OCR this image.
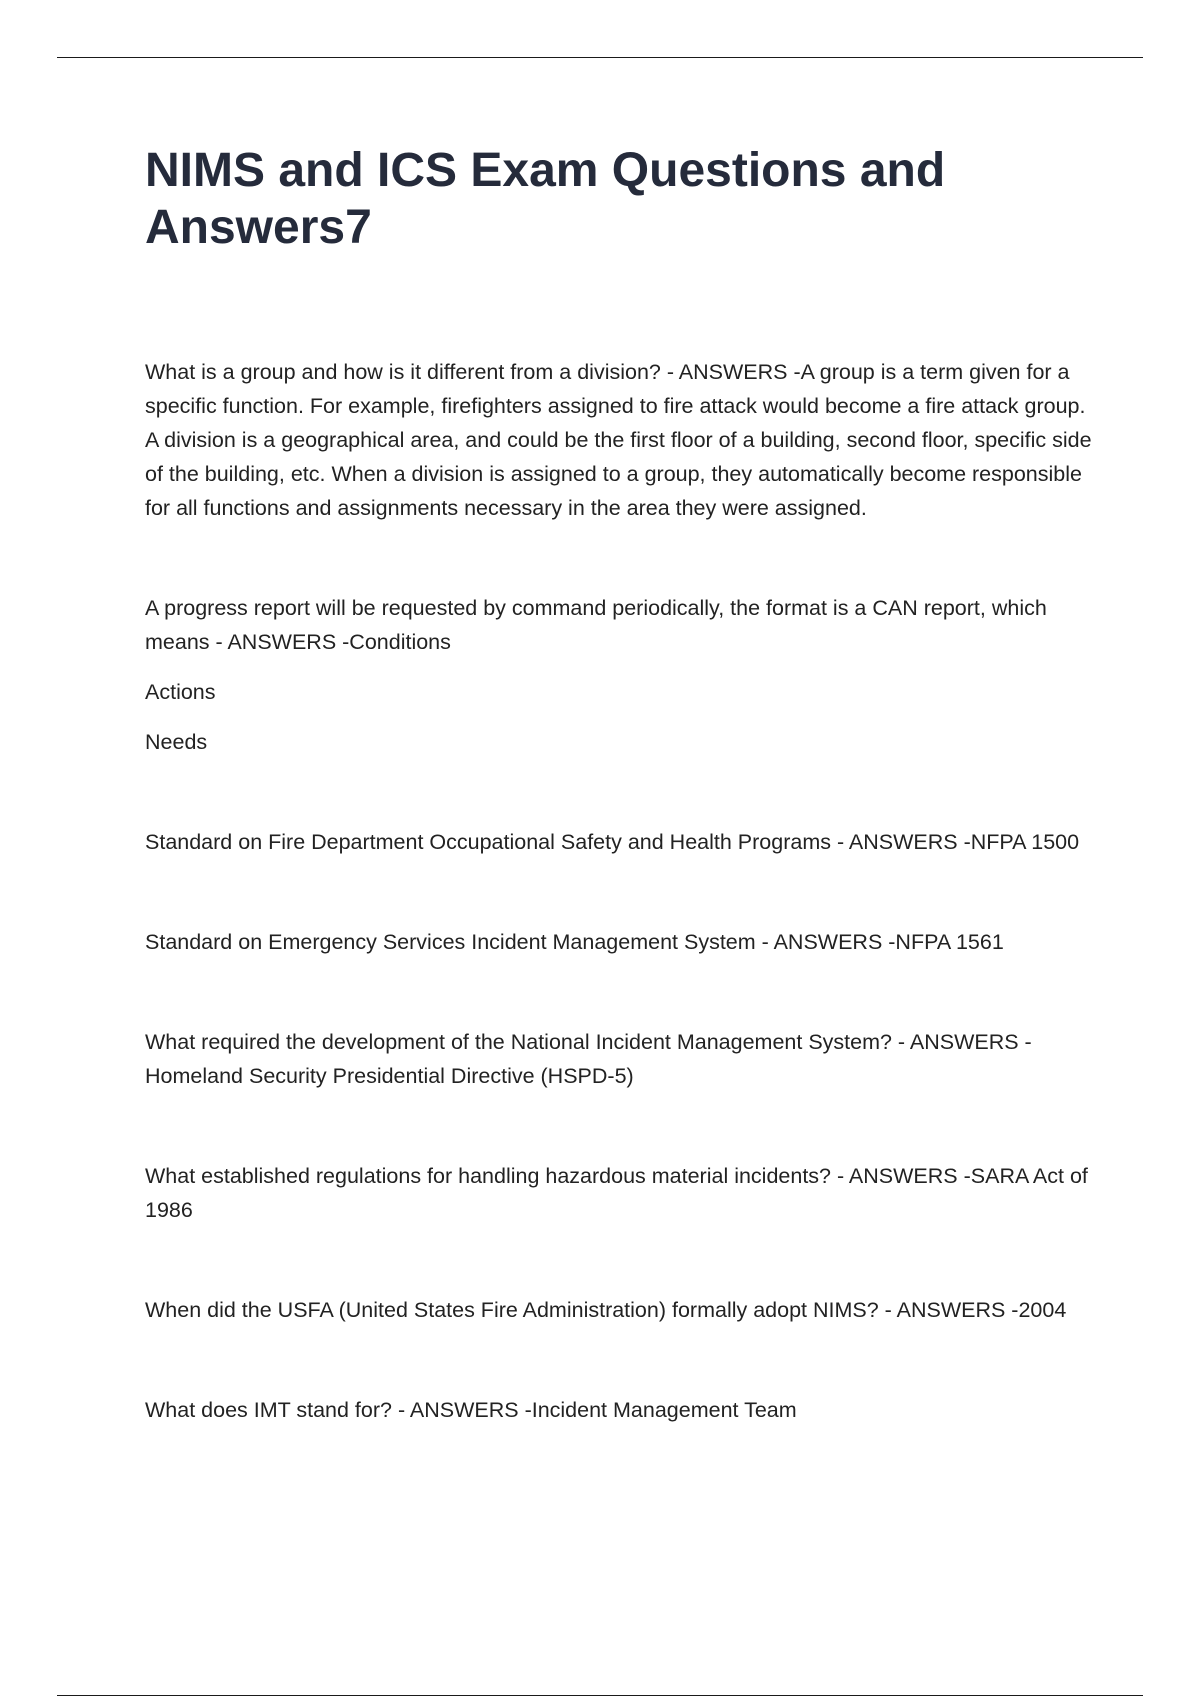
NIMS and ICS Exam Questions and Answers7

What is a group and how is it different from a division? - ANSWERS -A group is a term given for a specific function. For example, firefighters assigned to fire attack would become a fire attack group. A division is a geographical area, and could be the first floor of a building, second floor, specific side of the building, etc. When a division is assigned to a group, they automatically become responsible for all functions and assignments necessary in the area they were assigned.

A progress report will be requested by command periodically, the format is a CAN report, which means - ANSWERS -Conditions

Actions

Needs

Standard on Fire Department Occupational Safety and Health Programs - ANSWERS -NFPA 1500

Standard on Emergency Services Incident Management System - ANSWERS -NFPA 1561

What required the development of the National Incident Management System? - ANSWERS -Homeland Security Presidential Directive (HSPD-5)

What established regulations for handling hazardous material incidents? - ANSWERS -SARA Act of 1986

When did the USFA (United States Fire Administration) formally adopt NIMS? - ANSWERS -2004

What does IMT stand for? - ANSWERS -Incident Management Team
